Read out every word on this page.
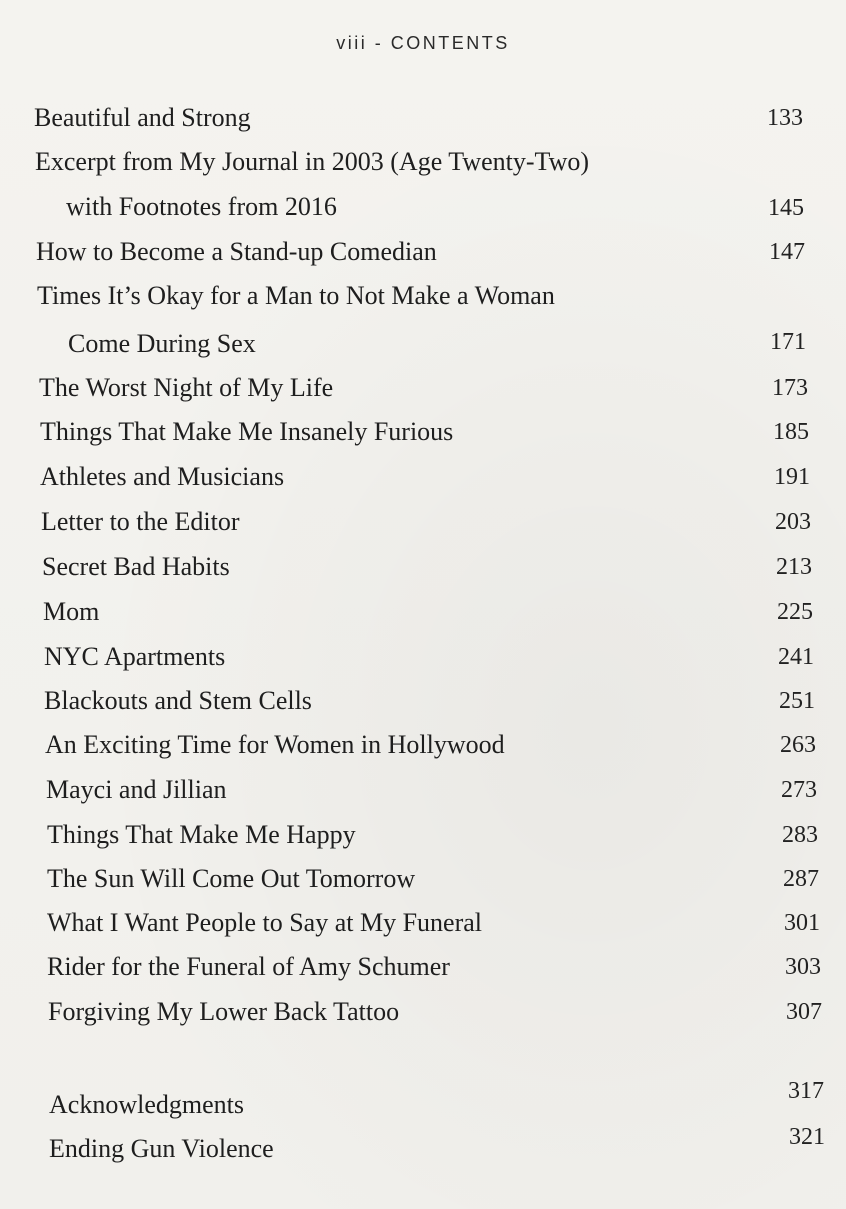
viii - CONTENTS
Beautiful and Strong	133
Excerpt from My Journal in 2003 (Age Twenty-Two)
with Footnotes from 2016	145
How to Become a Stand-up Comedian	147
Times It’s Okay for a Man to Not Make a Woman
Come During Sex	171
The Worst Night of My Life	173
Things That Make Me Insanely Furious	185
Athletes and Musicians	191
Letter to the Editor	203
Secret Bad Habits	213
Mom	225
NYC Apartments	241
Blackouts and Stem Cells	251
An Exciting Time for Women in Hollywood	263
Mayci and Jillian	273
Things That Make Me Happy	283
The Sun Will Come Out Tomorrow	287
What I Want People to Say at My Funeral	301
Rider for the Funeral of Amy Schumer	303
Forgiving My Lower Back Tattoo	307
Acknowledgments	317
Ending Gun Violence	321
